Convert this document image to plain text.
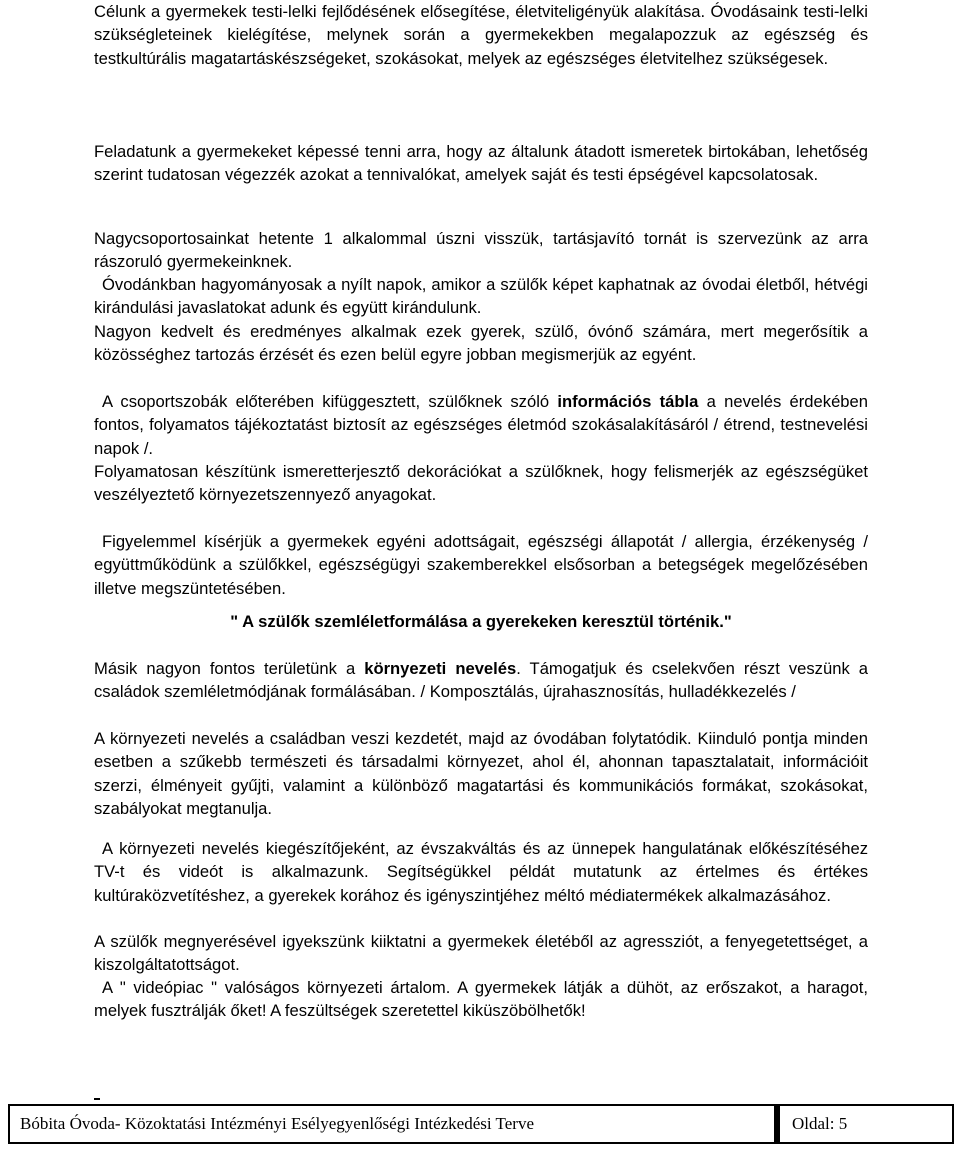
Célunk a gyermekek testi-lelki fejlődésének elősegítése, életviteligényük alakítása. Óvodásaink testi-lelki szükségleteinek kielégítése, melynek során a gyermekekben megalapozzuk az egészség és testkultúrális magatartáskészségeket, szokásokat, melyek az egészséges életvitelhez szükségesek.

Feladatunk a gyermekeket képessé tenni arra, hogy az általunk átadott ismeretek birtokában, lehetőség szerint tudatosan végezzék azokat a tennivalókat, amelyek saját és testi épségével kapcsolatosak.

Nagycsoportosainkat hetente 1 alkalommal úszni visszük, tartásjavító tornát is szervezünk az arra rászoruló gyermekeinknek.

Óvodánkban hagyományosak a nyílt napok, amikor a szülők képet kaphatnak az óvodai életből, hétvégi kirándulási javaslatokat adunk és együtt kirándulunk.

Nagyon kedvelt és eredményes alkalmak ezek gyerek, szülő, óvónő számára, mert megerősítik a közösséghez tartozás érzését és ezen belül egyre jobban megismerjük az egyént.

A csoportszobák előterében kifüggesztett, szülőknek szóló információs tábla a nevelés érdekében fontos, folyamatos tájékoztatást biztosít az egészséges életmód szokásalakításáról / étrend, testnevelési napok /.

Folyamatosan készítünk ismeretterjesztő dekorációkat a szülőknek, hogy felismerjék az egészségüket veszélyeztető környezetszennyező anyagokat.

Figyelemmel kísérjük a gyermekek egyéni adottságait, egészségi állapotát / allergia, érzékenység / együttműködünk a szülőkkel, egészségügyi szakemberekkel elsősorban a betegségek megelőzésében illetve megszüntetésében.

" A szülők szemléletformálása a gyerekeken keresztül történik."

Másik nagyon fontos területünk a környezeti nevelés. Támogatjuk és cselekvően részt veszünk a családok szemléletmódjának formálásában. / Komposztálás, újrahasznosítás, hulladékkezelés /

A környezeti nevelés a családban veszi kezdetét, majd az óvodában folytatódik. Kiinduló pontja minden esetben a szűkebb természeti és társadalmi környezet, ahol él, ahonnan tapasztalatait, információit szerzi, élményeit gyűjti, valamint a különböző magatartási és kommunikációs formákat, szokásokat, szabályokat megtanulja.

A környezeti nevelés kiegészítőjeként, az évszakváltás és az ünnepek hangulatának előkészítéséhez TV-t és videót is alkalmazunk. Segítségükkel példát mutatunk az értelmes és értékes kultúraközvetítéshez, a gyerekek korához és igényszintjéhez méltó médiatermékek alkalmazásához.

A szülők megnyerésével igyekszünk kiiktatni a gyermekek életéből az agressziót, a fenyegetettséget, a kiszolgáltatottságot.

A " videópiac " valóságos környezeti ártalom. A gyermekek látják a dühöt, az erőszakot, a haragot, melyek fusztrálják őket! A feszültségek szeretettel kiküszöbölhetők!

Bóbita Óvoda- Közoktatási Intézményi Esélyegyenlőségi Intézkedési Terve	Oldal: 5
